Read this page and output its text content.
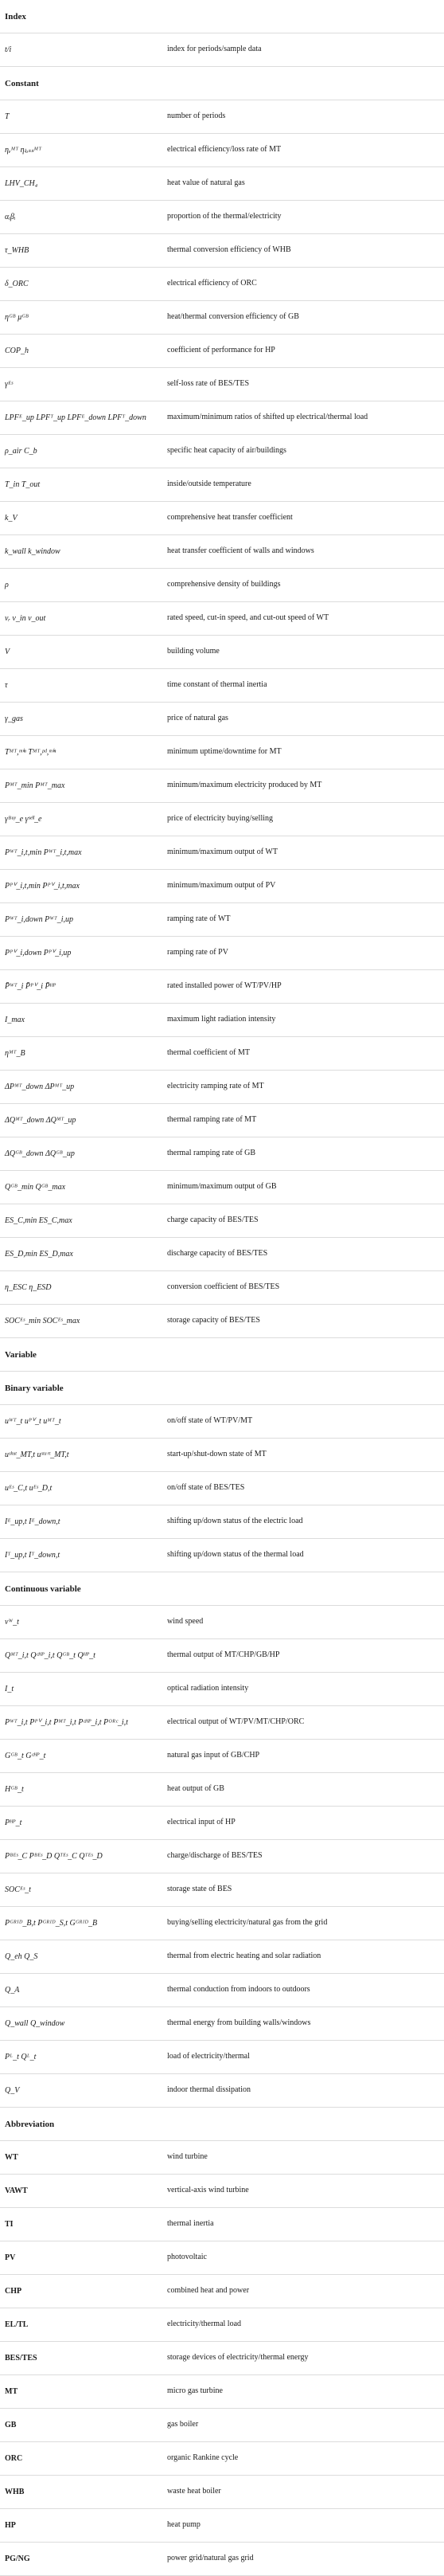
Index
t/i	index for periods/sample data
Constant
T	number of periods
ηₑᴹᵀ ηₗₒₛₛᴹᵀ	electrical efficiency/loss rate of MT
LHV_CH₄	heat value of natural gas
αᵢβᵢ	proportion of the thermal/electricity
τ_WHB	thermal conversion efficiency of WHB
δ_ORC	electrical efficiency of ORC
ηᴳᴮ μᴳᴮ	heat/thermal conversion efficiency of GB
COP_h	coefficient of performance for HP
γᴱˢ	self-loss rate of BES/TES
LPFᴱ_up LPFᵀ_up LPFᴱ_down LPFᵀ_down	maximum/minimum ratios of shifted up electrical/thermal load
ρ_air C_b	specific heat capacity of air/buildings
T_in T_out	inside/outside temperature
k_V	comprehensive heat transfer coefficient
k_wall k_window	heat transfer coefficient of walls and windows
ρ	comprehensive density of buildings
vᵣ v_in v_out	rated speed, cut-in speed, and cut-out speed of WT
V	building volume
τ	time constant of thermal inertia
γ_gas	price of natural gas
Tᴹᵀ,ᵐⁱⁿ Tᴹᵀ,ᵖᵈ,ᵐⁱⁿ	minimum uptime/downtime for MT
Pᴹᵀ_min Pᴹᵀ_max	minimum/maximum electricity produced by MT
γᴮᵘʸ_e γˢᵉˡˡ_e	price of electricity buying/selling
Pᵂᵀ_i,t,min Pᵂᵀ_i,t,max	minimum/maximum output of WT
Pᴾⱽ_i,t,min Pᴾⱽ_i,t,max	minimum/maximum output of PV
Pᵂᵀ_i,down Pᵂᵀ_i,up	ramping rate of WT
Pᴾⱽ_i,down Pᴾⱽ_i,up	ramping rate of PV
P̄ᵂᵀ_i P̄ᴾⱽ_i P̄ᴴᴾ	rated installed power of WT/PV/HP
I_max	maximum light radiation intensity
ηᴹᵀ_B	thermal coefficient of MT
ΔPᴹᵀ_down ΔPᴹᵀ_up	electricity ramping rate of MT
ΔQᴹᵀ_down ΔQᴹᵀ_up	thermal ramping rate of MT
ΔQᴳᴮ_down ΔQᴳᴮ_up	thermal ramping rate of GB
Qᴳᴮ_min Qᴳᴮ_max	minimum/maximum output of GB
ES_C,min ES_C,max	charge capacity of BES/TES
ES_D,min ES_D,max	discharge capacity of BES/TES
η_ESC η_ESD	conversion coefficient of BES/TES
SOCᴱˢ_min SOCᴱˢ_max	storage capacity of BES/TES
Variable
Binary variable
uᵂᵀ_t uᴾⱽ_t uᴹᵀ_t	on/off state of WT/PV/MT
uˢʰᵘᵗ_MT,t uˢᵗᵃʳᵗ_MT,t	start-up/shut-down state of MT
uᴱˢ_C,t uᴱˢ_D,t	on/off state of BES/TES
Iᴱ_up,t Iᴱ_down,t	shifting up/down status of the electric load
Iᵀ_up,t Iᵀ_down,t	shifting up/down status of the thermal load
Continuous variable
vᵂ_t	wind speed
Qᴹᵀ_i,t Qᶜᴴᴾ_i,t Qᴳᴮ_t Qᴴᴾ_t	thermal output of MT/CHP/GB/HP
I_t	optical radiation intensity
Pᵂᵀ_i,t Pᴾⱽ_i,t Pᴹᵀ_i,t Pᶜᴴᴾ_i,t Pᴼᴿᶜ_i,t	electrical output of WT/PV/MT/CHP/ORC
Gᴳᴮ_t Gᶜᴴᴾ_t	natural gas input of GB/CHP
Hᴳᴮ_t	heat output of GB
Pᴴᴾ_t	electrical input of HP
Pᴮᴱˢ_C Pᴮᴱˢ_D Qᵀᴱˢ_C Qᵀᴱˢ_D	charge/discharge of BES/TES
SOCᴱˢ_t	storage state of BES
Pᴳᴿᴵᴰ_B,t Pᴳᴿᴵᴰ_S,t Gᴳᴿᴵᴰ_B	buying/selling electricity/natural gas from the grid
Q_eh Q_S	thermal from electric heating and solar radiation
Q_A	thermal conduction from indoors to outdoors
Q_wall Q_window	thermal energy from building walls/windows
Pᴸ_t Qᴸ_t	load of electricity/thermal
Q_V	indoor thermal dissipation
Abbreviation
WT	wind turbine
VAWT	vertical-axis wind turbine
TI	thermal inertia
PV	photovoltaic
CHP	combined heat and power
EL/TL	electricity/thermal load
BES/TES	storage devices of electricity/thermal energy
MT	micro gas turbine
GB	gas boiler
ORC	organic Rankine cycle
WHB	waste heat boiler
HP	heat pump
PG/NG	power grid/natural gas grid
